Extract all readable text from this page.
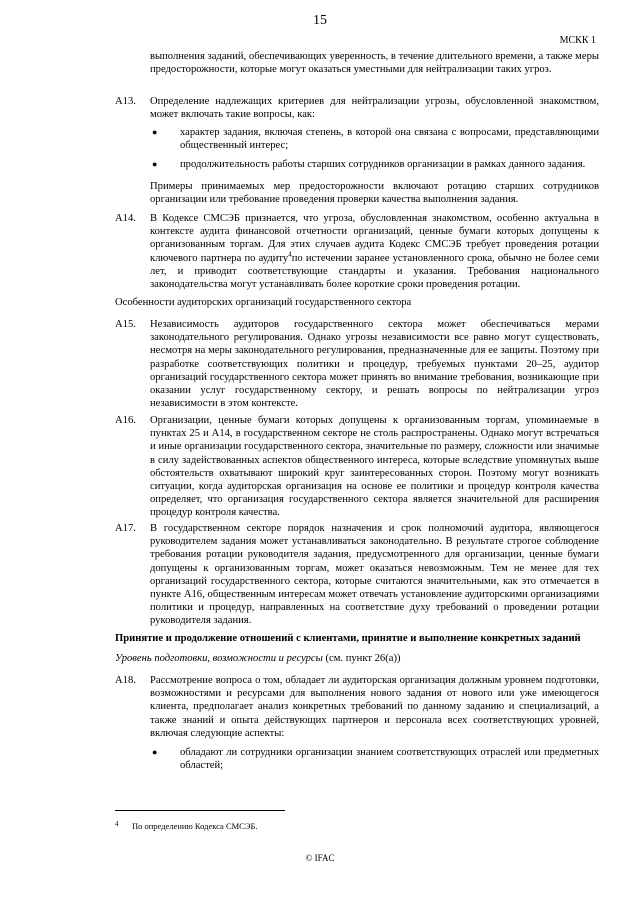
15
МСКК 1
выполнения заданий, обеспечивающих уверенность, в течение длительного времени, а также меры предосторожности, которые могут оказаться уместными для нейтрализации таких угроз.
A13. Определение надлежащих критериев для нейтрализации угрозы, обусловленной знакомством, может включать такие вопросы, как:
● характер задания, включая степень, в которой она связана с вопросами, представляющими общественный интерес;
● продолжительность работы старших сотрудников организации в рамках данного задания.
Примеры принимаемых мер предосторожности включают ротацию старших сотрудников организации или требование проведения проверки качества выполнения задания.
A14. В Кодексе СМСЭБ признается, что угроза, обусловленная знакомством, особенно актуальна в контексте аудита финансовой отчетности организаций, ценные бумаги которых допущены к организованным торгам. Для этих случаев аудита Кодекс СМСЭБ требует проведения ротации ключевого партнера по аудиту$^4$по истечении заранее установленного срока, обычно не более семи лет, и приводит соответствующие стандарты и указания. Требования национального законодательства могут устанавливать более короткие сроки проведения ротации.
Особенности аудиторских организаций государственного сектора
A15. Независимость аудиторов государственного сектора может обеспечиваться мерами законодательного регулирования. Однако угрозы независимости все равно могут существовать, несмотря на меры законодательного регулирования, предназначенные для ее защиты. Поэтому при разработке соответствующих политики и процедур, требуемых пунктами 20–25, аудитор организаций государственного сектора может принять во внимание требования, возникающие при оказании услуг государственному сектору, и решать вопросы по нейтрализации угроз независимости в этом контексте.
A16. Организации, ценные бумаги которых допущены к организованным торгам, упоминаемые в пунктах 25 и A14, в государственном секторе не столь распространены. Однако могут встречаться и иные организации государственного сектора, значительные по размеру, сложности или значимые в силу задействованных аспектов общественного интереса, которые вследствие упомянутых выше обстоятельств охватывают широкий круг заинтересованных сторон. Поэтому могут возникать ситуации, когда аудиторская организация на основе ее политики и процедур контроля качества определяет, что организация государственного сектора является значительной для расширения процедур контроля качества.
A17. В государственном секторе порядок назначения и срок полномочий аудитора, являющегося руководителем задания может устанавливаться законодательно. В результате строгое соблюдение требования ротации руководителя задания, предусмотренного для организации, ценные бумаги допущены к организованным торгам, может оказаться невозможным. Тем не менее для тех организаций государственного сектора, которые считаются значительными, как это отмечается в пункте A16, общественным интересам может отвечать установление аудиторскими организациями политики и процедур, направленных на соответствие духу требований о проведении ротации руководителя задания.
Принятие и продолжение отношений с клиентами, принятие и выполнение конкретных заданий
Уровень подготовки, возможности и ресурсы (см. пункт 26(а))
A18. Рассмотрение вопроса о том, обладает ли аудиторская организация должным уровнем подготовки, возможностями и ресурсами для выполнения нового задания от нового или уже имеющегося клиента, предполагает анализ конкретных требований по данному заданию и специализаций, а также знаний и опыта действующих партнеров и персонала всех соответствующих уровней, включая следующие аспекты:
● обладают ли сотрудники организации знанием соответствующих отраслей или предметных областей;
4 По определению Кодекса СМСЭБ.
© IFAC
